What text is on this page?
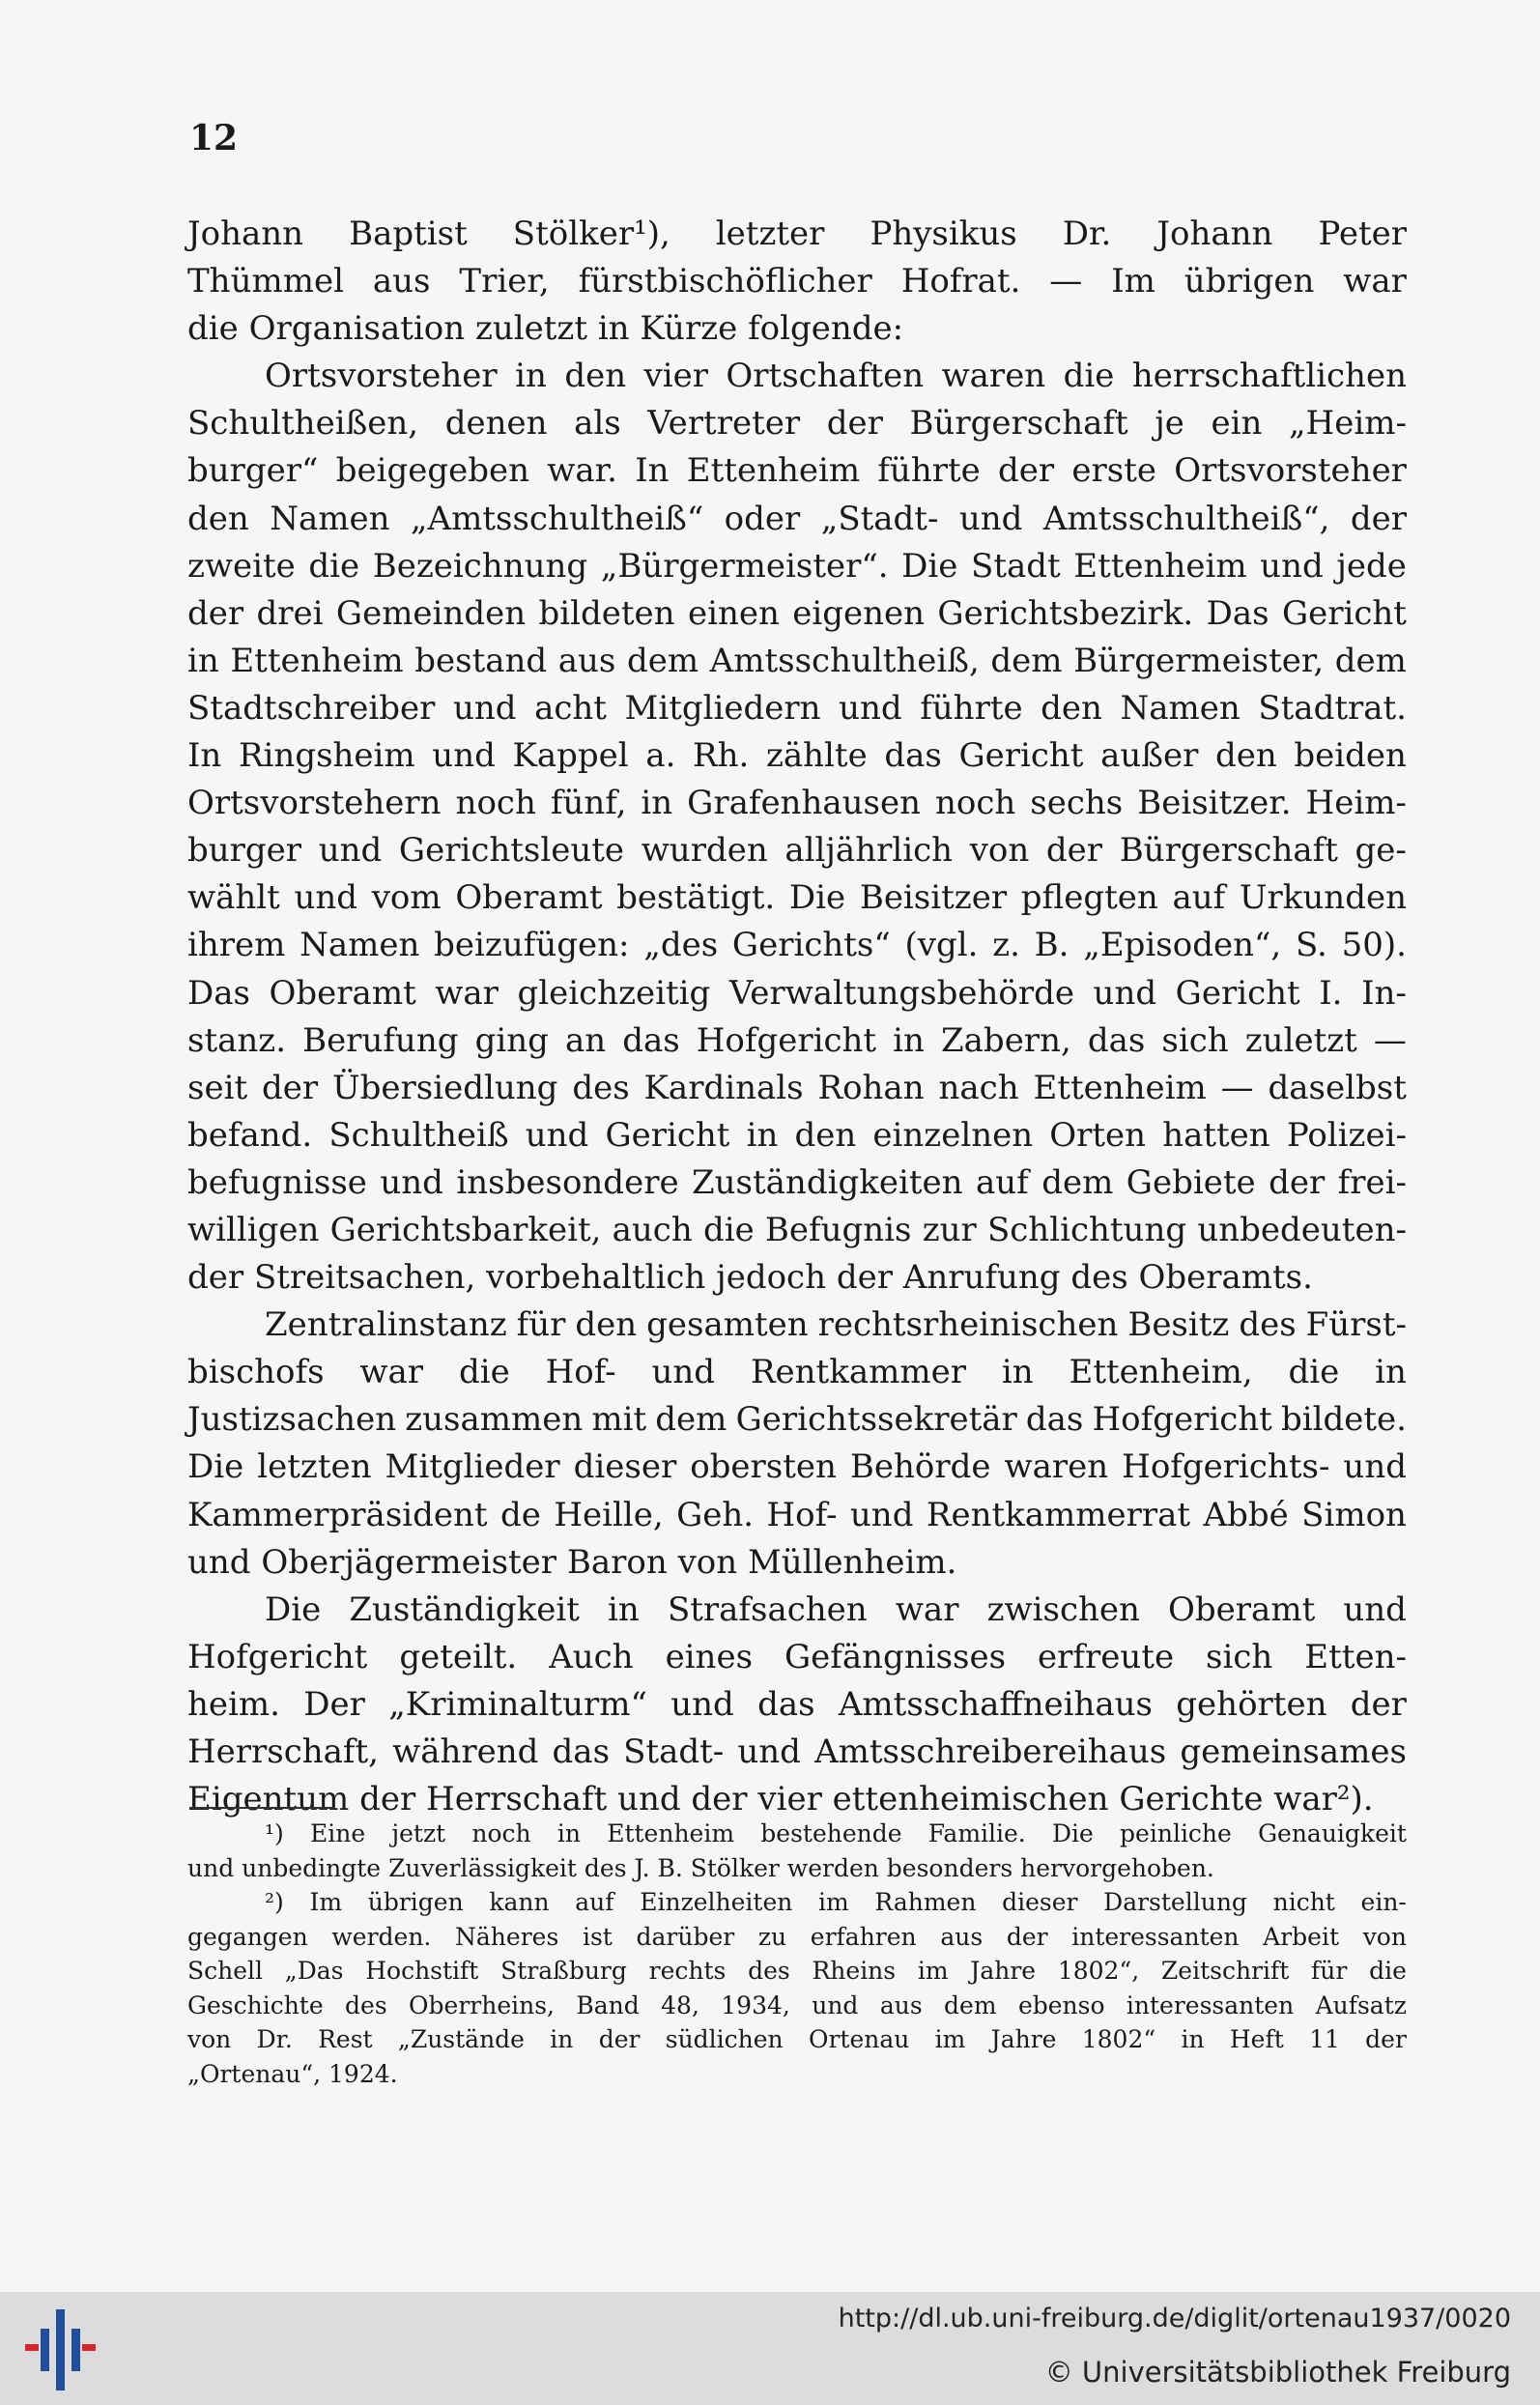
12
Johann Baptist Stölker¹), letzter Physikus Dr. Johann Peter
Thümmel aus Trier, fürstbischöflicher Hofrat. — Im übrigen war
die Organisation zuletzt in Kürze folgende:
Ortsvorsteher in den vier Ortschaften waren die herrschaftlichen
Schultheißen, denen als Vertreter der Bürgerschaft je ein „Heim-
burger“ beigegeben war. In Ettenheim führte der erste Ortsvorsteher
den Namen „Amtsschultheiß“ oder „Stadt- und Amtsschultheiß“, der
zweite die Bezeichnung „Bürgermeister“. Die Stadt Ettenheim und jede
der drei Gemeinden bildeten einen eigenen Gerichtsbezirk. Das Gericht
in Ettenheim bestand aus dem Amtsschultheiß, dem Bürgermeister, dem
Stadtschreiber und acht Mitgliedern und führte den Namen Stadtrat.
In Ringsheim und Kappel a. Rh. zählte das Gericht außer den beiden
Ortsvorstehern noch fünf, in Grafenhausen noch sechs Beisitzer. Heim-
burger und Gerichtsleute wurden alljährlich von der Bürgerschaft ge-
wählt und vom Oberamt bestätigt. Die Beisitzer pflegten auf Urkunden
ihrem Namen beizufügen: „des Gerichts“ (vgl. z. B. „Episoden“, S. 50).
Das Oberamt war gleichzeitig Verwaltungsbehörde und Gericht I. In-
stanz. Berufung ging an das Hofgericht in Zabern, das sich zuletzt —
seit der Übersiedlung des Kardinals Rohan nach Ettenheim — daselbst
befand. Schultheiß und Gericht in den einzelnen Orten hatten Polizei-
befugnisse und insbesondere Zuständigkeiten auf dem Gebiete der frei-
willigen Gerichtsbarkeit, auch die Befugnis zur Schlichtung unbedeuten-
der Streitsachen, vorbehaltlich jedoch der Anrufung des Oberamts.
Zentralinstanz für den gesamten rechtsrheinischen Besitz des Fürst-
bischofs war die Hof- und Rentkammer in Ettenheim, die in
Justizsachen zusammen mit dem Gerichtssekretär das Hofgericht bildete.
Die letzten Mitglieder dieser obersten Behörde waren Hofgerichts- und
Kammerpräsident de Heille, Geh. Hof- und Rentkammerrat Abbé Simon
und Oberjägermeister Baron von Müllenheim.
Die Zuständigkeit in Strafsachen war zwischen Oberamt und
Hofgericht geteilt. Auch eines Gefängnisses erfreute sich Etten-
heim. Der „Kriminalturm“ und das Amtsschaffneihaus gehörten der
Herrschaft, während das Stadt- und Amtsschreibereihaus gemeinsames
Eigentum der Herrschaft und der vier ettenheimischen Gerichte war²).
¹) Eine jetzt noch in Ettenheim bestehende Familie. Die peinliche Genauigkeit
und unbedingte Zuverlässigkeit des J. B. Stölker werden besonders hervorgehoben.
²) Im übrigen kann auf Einzelheiten im Rahmen dieser Darstellung nicht ein-
gegangen werden. Näheres ist darüber zu erfahren aus der interessanten Arbeit von
Schell „Das Hochstift Straßburg rechts des Rheins im Jahre 1802“, Zeitschrift für die
Geschichte des Oberrheins, Band 48, 1934, und aus dem ebenso interessanten Aufsatz
von Dr. Rest „Zustände in der südlichen Ortenau im Jahre 1802“ in Heft 11 der
„Ortenau“, 1924.
http://dl.ub.uni-freiburg.de/diglit/ortenau1937/0020
© Universitätsbibliothek Freiburg
